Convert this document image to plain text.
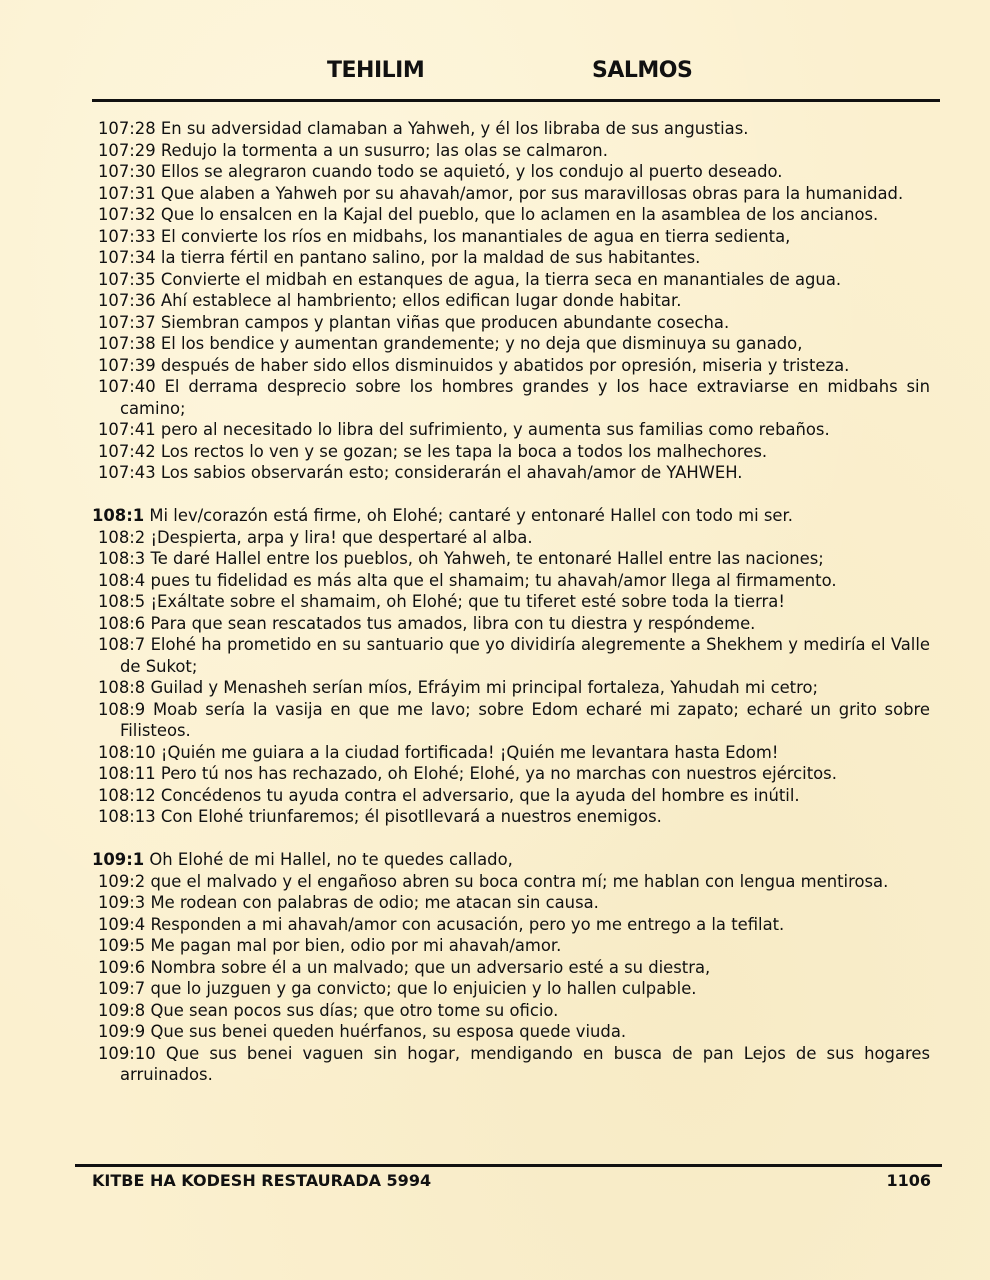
TEHILIM	SALMOS

107:28 En su adversidad clamaban a Yahweh, y él los libraba de sus angustias.

107:29 Redujo la tormenta a un susurro; las olas se calmaron.

107:30 Ellos se alegraron cuando todo se aquietó, y los condujo al puerto deseado.

107:31 Que alaben a Yahweh por su ahavah/amor, por sus maravillosas obras para la humanidad.

107:32 Que lo ensalcen en la Kajal del pueblo, que lo aclamen en la asamblea de los ancianos.

107:33 El convierte los ríos en midbahs, los manantiales de agua en tierra sedienta,

107:34 la tierra fértil en pantano salino, por la maldad de sus habitantes.

107:35 Convierte el midbah en estanques de agua, la tierra seca en manantiales de agua.

107:36 Ahí establece al hambriento; ellos edifican lugar donde habitar.

107:37 Siembran campos y plantan viñas que producen abundante cosecha.

107:38 El los bendice y aumentan grandemente; y no deja que disminuya su ganado,

107:39 después de haber sido ellos disminuidos y abatidos por opresión, miseria y tristeza.

107:40 El derrama desprecio sobre los hombres grandes y los hace extraviarse en midbahs sin camino;

107:41 pero al necesitado lo libra del sufrimiento, y aumenta sus familias como rebaños.

107:42 Los rectos lo ven y se gozan; se les tapa la boca a todos los malhechores.

107:43 Los sabios observarán esto; considerarán el ahavah/amor de YAHWEH.

108:1 Mi lev/corazón está firme, oh Elohé; cantaré y entonaré Hallel con todo mi ser.

108:2 ¡Despierta, arpa y lira! que despertaré al alba.

108:3 Te daré Hallel entre los pueblos, oh Yahweh, te entonaré Hallel entre las naciones;

108:4 pues tu fidelidad es más alta que el shamaim; tu ahavah/amor llega al firmamento.

108:5 ¡Exáltate sobre el shamaim, oh Elohé; que tu tiferet esté sobre toda la tierra!

108:6 Para que sean rescatados tus amados, libra con tu diestra y respóndeme.

108:7 Elohé ha prometido en su santuario que yo dividiría alegremente a Shekhem y mediría el Valle de Sukot;

108:8 Guilad y Menasheh serían míos, Efráyim mi principal fortaleza, Yahudah mi cetro;

108:9 Moab sería la vasija en que me lavo; sobre Edom echaré mi zapato; echaré un grito sobre Filisteos.

108:10 ¡Quién me guiara a la ciudad fortificada! ¡Quién me levantara hasta Edom!

108:11 Pero tú nos has rechazado, oh Elohé; Elohé, ya no marchas con nuestros ejércitos.

108:12 Concédenos tu ayuda contra el adversario, que la ayuda del hombre es inútil.

108:13 Con Elohé triunfaremos; él pisotllevará a nuestros enemigos.

109:1 Oh Elohé de mi Hallel, no te quedes callado,

109:2 que el malvado y el engañoso abren su boca contra mí; me hablan con lengua mentirosa.

109:3 Me rodean con palabras de odio; me atacan sin causa.

109:4 Responden a mi ahavah/amor con acusación, pero yo me entrego a la tefilat.

109:5 Me pagan mal por bien, odio por mi ahavah/amor.

109:6 Nombra sobre él a un malvado; que un adversario esté a su diestra,

109:7 que lo juzguen y ga convicto; que lo enjuicien y lo hallen culpable.

109:8 Que sean pocos sus días; que otro tome su oficio.

109:9 Que sus benei queden huérfanos, su esposa quede viuda.

109:10 Que sus benei vaguen sin hogar, mendigando en busca de pan Lejos de sus hogares arruinados.

KITBE HA KODESH RESTAURADA 5994	1106
